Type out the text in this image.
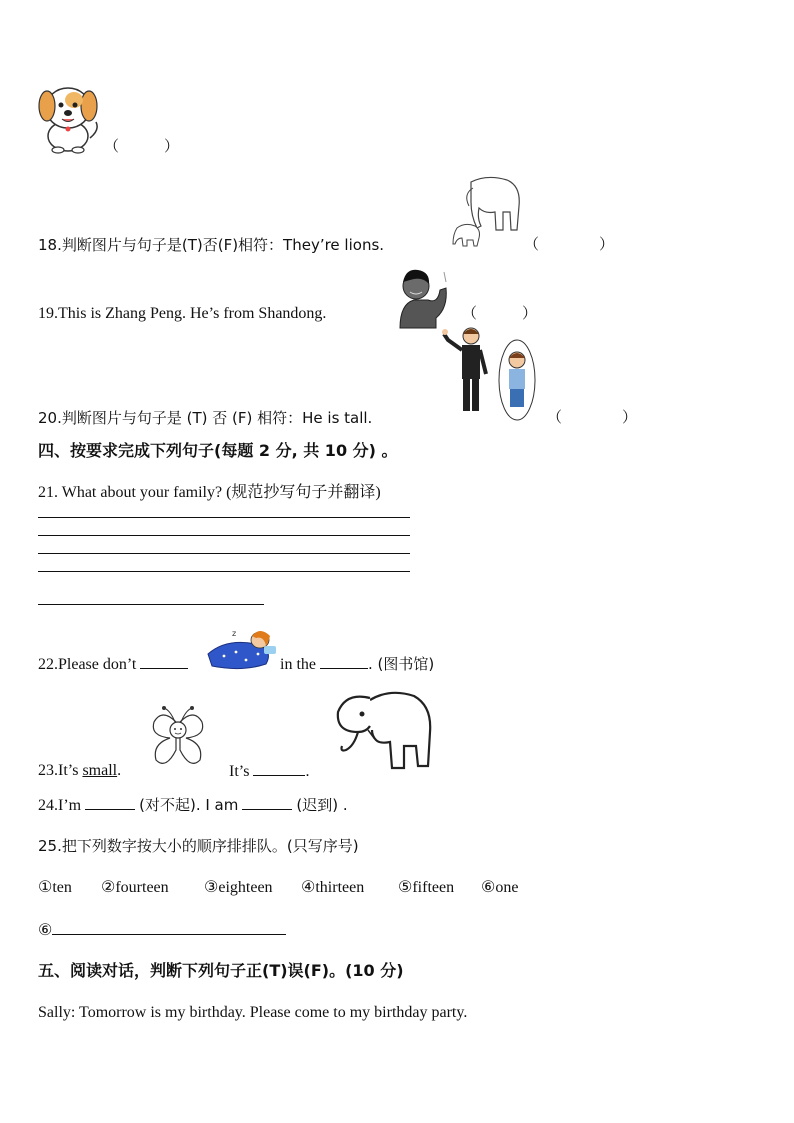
（　　　）
18.判断图片与句子是(T)否(F)相符：They’re lions.	（　　　　）
19.This is Zhang Peng. He’s from Shandong.	（　　　）
20.判断图片与句子是 (T) 否 (F) 相符：He is tall.	（　　　　）
四、按要求完成下列句子(每题 2 分, 共 10 分) 。
21. What about your family? (规范抄写句子并翻译)
z
22.Please don’t	in the	. (图书馆)
23.It’s small.	It’s	.
24.I’m	(对不起). I am	(迟到) .
25.把下列数字按大小的顺序排排队。(只写序号)
①ten ②fourteen ③eighteen ④thirteen ⑤fifteen ⑥one
⑥
五、阅读对话，判断下列句子正(T)误(F)。(10 分)
Sally: Tomorrow is my birthday. Please come to my birthday party.
